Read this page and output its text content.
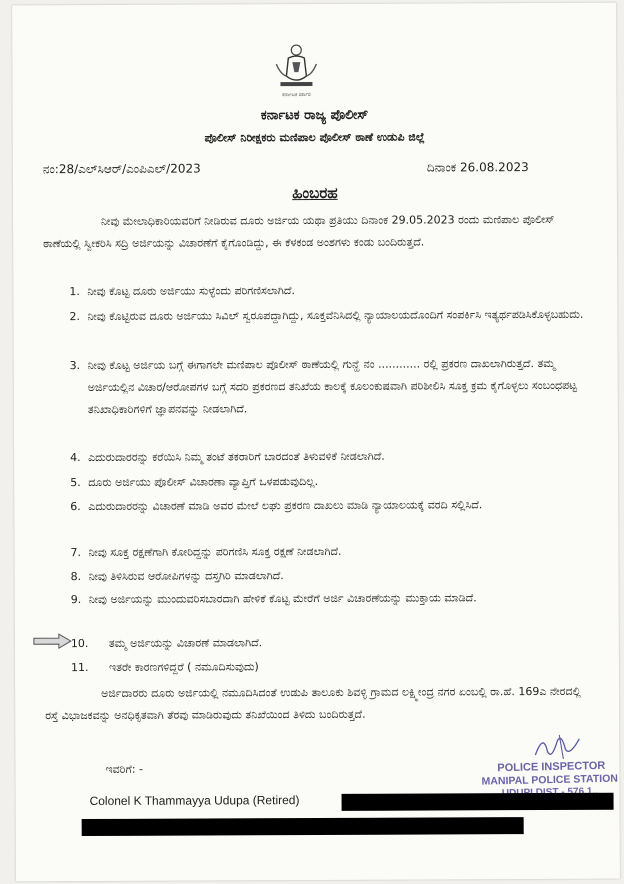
ಕರ್ನಾಟಕ ಸರ್ಕಾರ
ಕರ್ನಾಟಕ ರಾಜ್ಯ ಪೊಲೀಸ್
ಪೊಲೀಸ್ ನಿರೀಕ್ಷಕರು ಮಣಿಪಾಲ ಪೊಲೀಸ್ ಠಾಣೆ ಉಡುಪಿ ಜಿಲ್ಲೆ
ನಂ:28/ಎಲ್‌ಸಿಆರ್/ಎಂಪಿಎಲ್/2023	ದಿನಾಂಕ 26.08.2023
ಹಿಂಬರಹ
ನೀವು ಮೇಲಾಧಿಕಾರಿಯವರಿಗೆ ನೀಡಿರುವ ದೂರು ಅರ್ಜಿಯ ಯಥಾ ಪ್ರತಿಯು ದಿನಾಂಕ 29.05.2023 ರಂದು ಮಣಿಪಾಲ ಪೊಲೀಸ್ ಠಾಣೆಯಲ್ಲಿ ಸ್ವೀಕರಿಸಿ ಸದ್ರಿ ಅರ್ಜಿಯನ್ನು ವಿಚಾರಣೆಗೆ ಕೈಗೊಂಡಿದ್ದು, ಈ ಕೆಳಕಂಡ ಅಂಶಗಳು ಕಂಡು ಬಂದಿರುತ್ತದೆ.
1. ನೀವು ಕೊಟ್ಟ ದೂರು ಅರ್ಜಿಯು ಸುಳ್ಳೆಂದು ಪರಿಗಣಿಸಲಾಗಿದೆ.
2. ನೀವು ಕೊಟ್ಟಿರುವ ದೂರು ಅರ್ಜಿಯು ಸಿವಿಲ್ ಸ್ವರೂಪದ್ದಾಗಿದ್ದು, ಸೂಕ್ತವೆನಿಸಿದಲ್ಲಿ ನ್ಯಾಯಾಲಯದೊಂದಿಗೆ ಸಂಪರ್ಕಿಸಿ ಇತ್ಯರ್ಥಪಡಿಸಿಕೊಳ್ಳಬಹುದು.
3. ನೀವು ಕೊಟ್ಟ ಅರ್ಜಿಯ ಬಗ್ಗೆ ಈಗಾಗಲೇ ಮಣಿಪಾಲ ಪೊಲೀಸ್ ಠಾಣೆಯಲ್ಲಿ ಗುನ್ಹೆ ನಂ ............ ರಲ್ಲಿ ಪ್ರಕರಣ ದಾಖಲಾಗಿರುತ್ತದೆ. ತಮ್ಮ ಅರ್ಜಿಯಲ್ಲಿನ ವಿಚಾರ/ಆರೋಪಗಳ ಬಗ್ಗೆ ಸದರಿ ಪ್ರಕರಣದ ತನಿಖೆಯ ಕಾಲಕ್ಕೆ ಕೂಲಂಕುಷವಾಗಿ ಪರಿಶೀಲಿಸಿ ಸೂಕ್ತ ಕ್ರಮ ಕೈಗೊಳ್ಳಲು ಸಂಬಂಧಪಟ್ಟ ತನಿಖಾಧಿಕಾರಿಗಳಿಗೆ ಜ್ಞಾಪನವನ್ನು ನೀಡಲಾಗಿದೆ.
4. ಎದುರುದಾರರನ್ನು ಕರೆಯಿಸಿ ನಿಮ್ಮ ತಂಟೆ ತಕರಾರಿಗೆ ಬಾರದಂತೆ ತಿಳುವಳಿಕೆ ನೀಡಲಾಗಿದೆ.
5. ದೂರು ಅರ್ಜಿಯು ಪೊಲೀಸ್ ವಿಚಾರಣಾ ವ್ಯಾಪ್ತಿಗೆ ಒಳಪಡುವುದಿಲ್ಲ.
6. ಎದುರುದಾರರನ್ನು ವಿಚಾರಣೆ ಮಾಡಿ ಅವರ ಮೇಲೆ ಲಘು ಪ್ರಕರಣ ದಾಖಲು ಮಾಡಿ ನ್ಯಾಯಾಲಯಕ್ಕೆ ವರದಿ ಸಲ್ಲಿಸಿದೆ.
7. ನೀವು ಸೂಕ್ತ ರಕ್ಷಣೆಗಾಗಿ ಕೋರಿದ್ದನ್ನು ಪರಿಗಣಿಸಿ ಸೂಕ್ತ ರಕ್ಷಣೆ ನೀಡಲಾಗಿದೆ.
8. ನೀವು ತಿಳಿಸಿರುವ ಆರೋಪಿಗಳನ್ನು ದಸ್ತಗಿರಿ ಮಾಡಲಾಗಿದೆ.
9. ನೀವು ಅರ್ಜಿಯನ್ನು ಮುಂದುವರಿಸಬಾರದಾಗಿ ಹೇಳಿಕೆ ಕೊಟ್ಟ ಮೇರೆಗೆ ಅರ್ಜಿ ವಿಚಾರಣೆಯನ್ನು ಮುಕ್ತಾಯ ಮಾಡಿದೆ.
10. ತಮ್ಮ ಅರ್ಜಿಯನ್ನು ವಿಚಾರಣೆ ಮಾಡಲಾಗಿದೆ.
11. ಇತರೇ ಕಾರಣಗಳಿದ್ದರೆ ( ನಮೂದಿಸುವುದು)
ಅರ್ಜಿದಾರರು ದೂರು ಅರ್ಜಿಯಲ್ಲಿ ನಮೂದಿಸಿದಂತೆ ಉಡುಪಿ ತಾಲೂಕು ಶಿವಳ್ಳಿ ಗ್ರಾಮದ ಲಕ್ಷ್ಮೀಂದ್ರ ನಗರ ಏಂಬಲ್ಲಿ ರಾ.ಹೆ. 169ಎ ನೇರದಲ್ಲಿ ರಸ್ತೆ ವಿಭಾಜಕವನ್ನು ಅನಧಿಕೃತವಾಗಿ ತೆರವು ಮಾಡಿರುವುದು ತನಿಖೆಯಿಂದ ತಿಳಿದು ಬಂದಿರುತ್ತದೆ.
POLICE INSPECTOR
MANIPAL POLICE STATION
ಇವರಿಗೆ: -
Colonel K Thammayya Udupa (Retired)
